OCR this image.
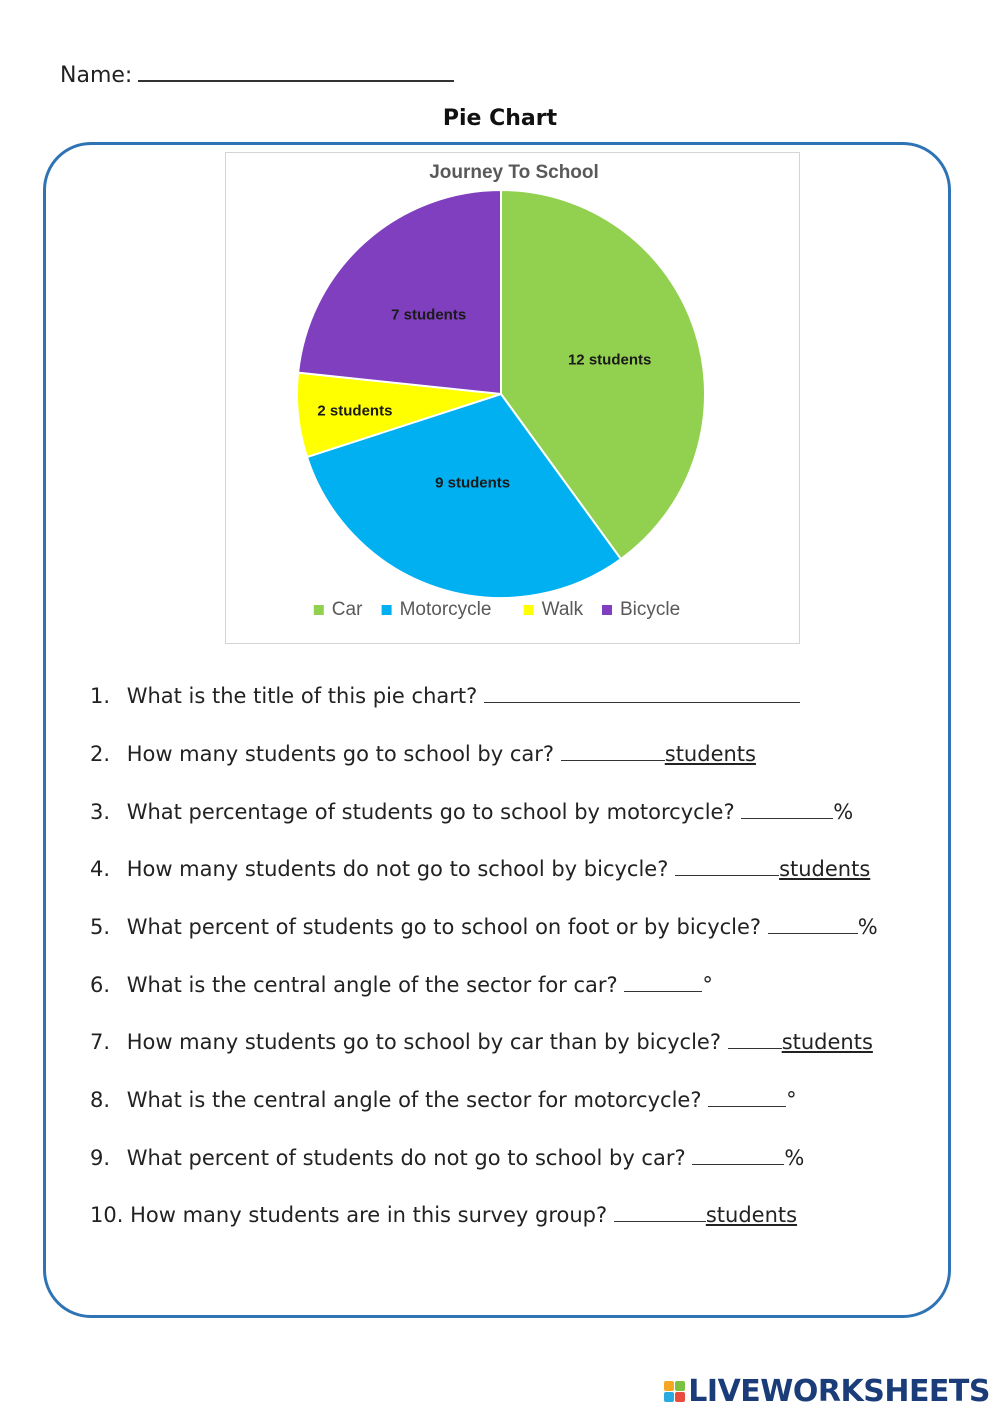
Name:
Pie Chart
Journey To School
12 students
9 students
2 students
7 students
Car Motorcycle	Walk Bicycle
1. What is the title of this pie chart?
2. How many students go to school by car?	students
3. What percentage of students go to school by motorcycle?	%
4. How many students do not go to school by bicycle?	students
5. What percent of students go to school on foot or by bicycle?	%
6. What is the central angle of the sector for car?	°
7. How many students go to school by car than by bicycle?	students
8. What is the central angle of the sector for motorcycle?	°
9. What percent of students do not go to school by car?	%
10. How many students are in this survey group?	students
LIVEWORKSHEETS
